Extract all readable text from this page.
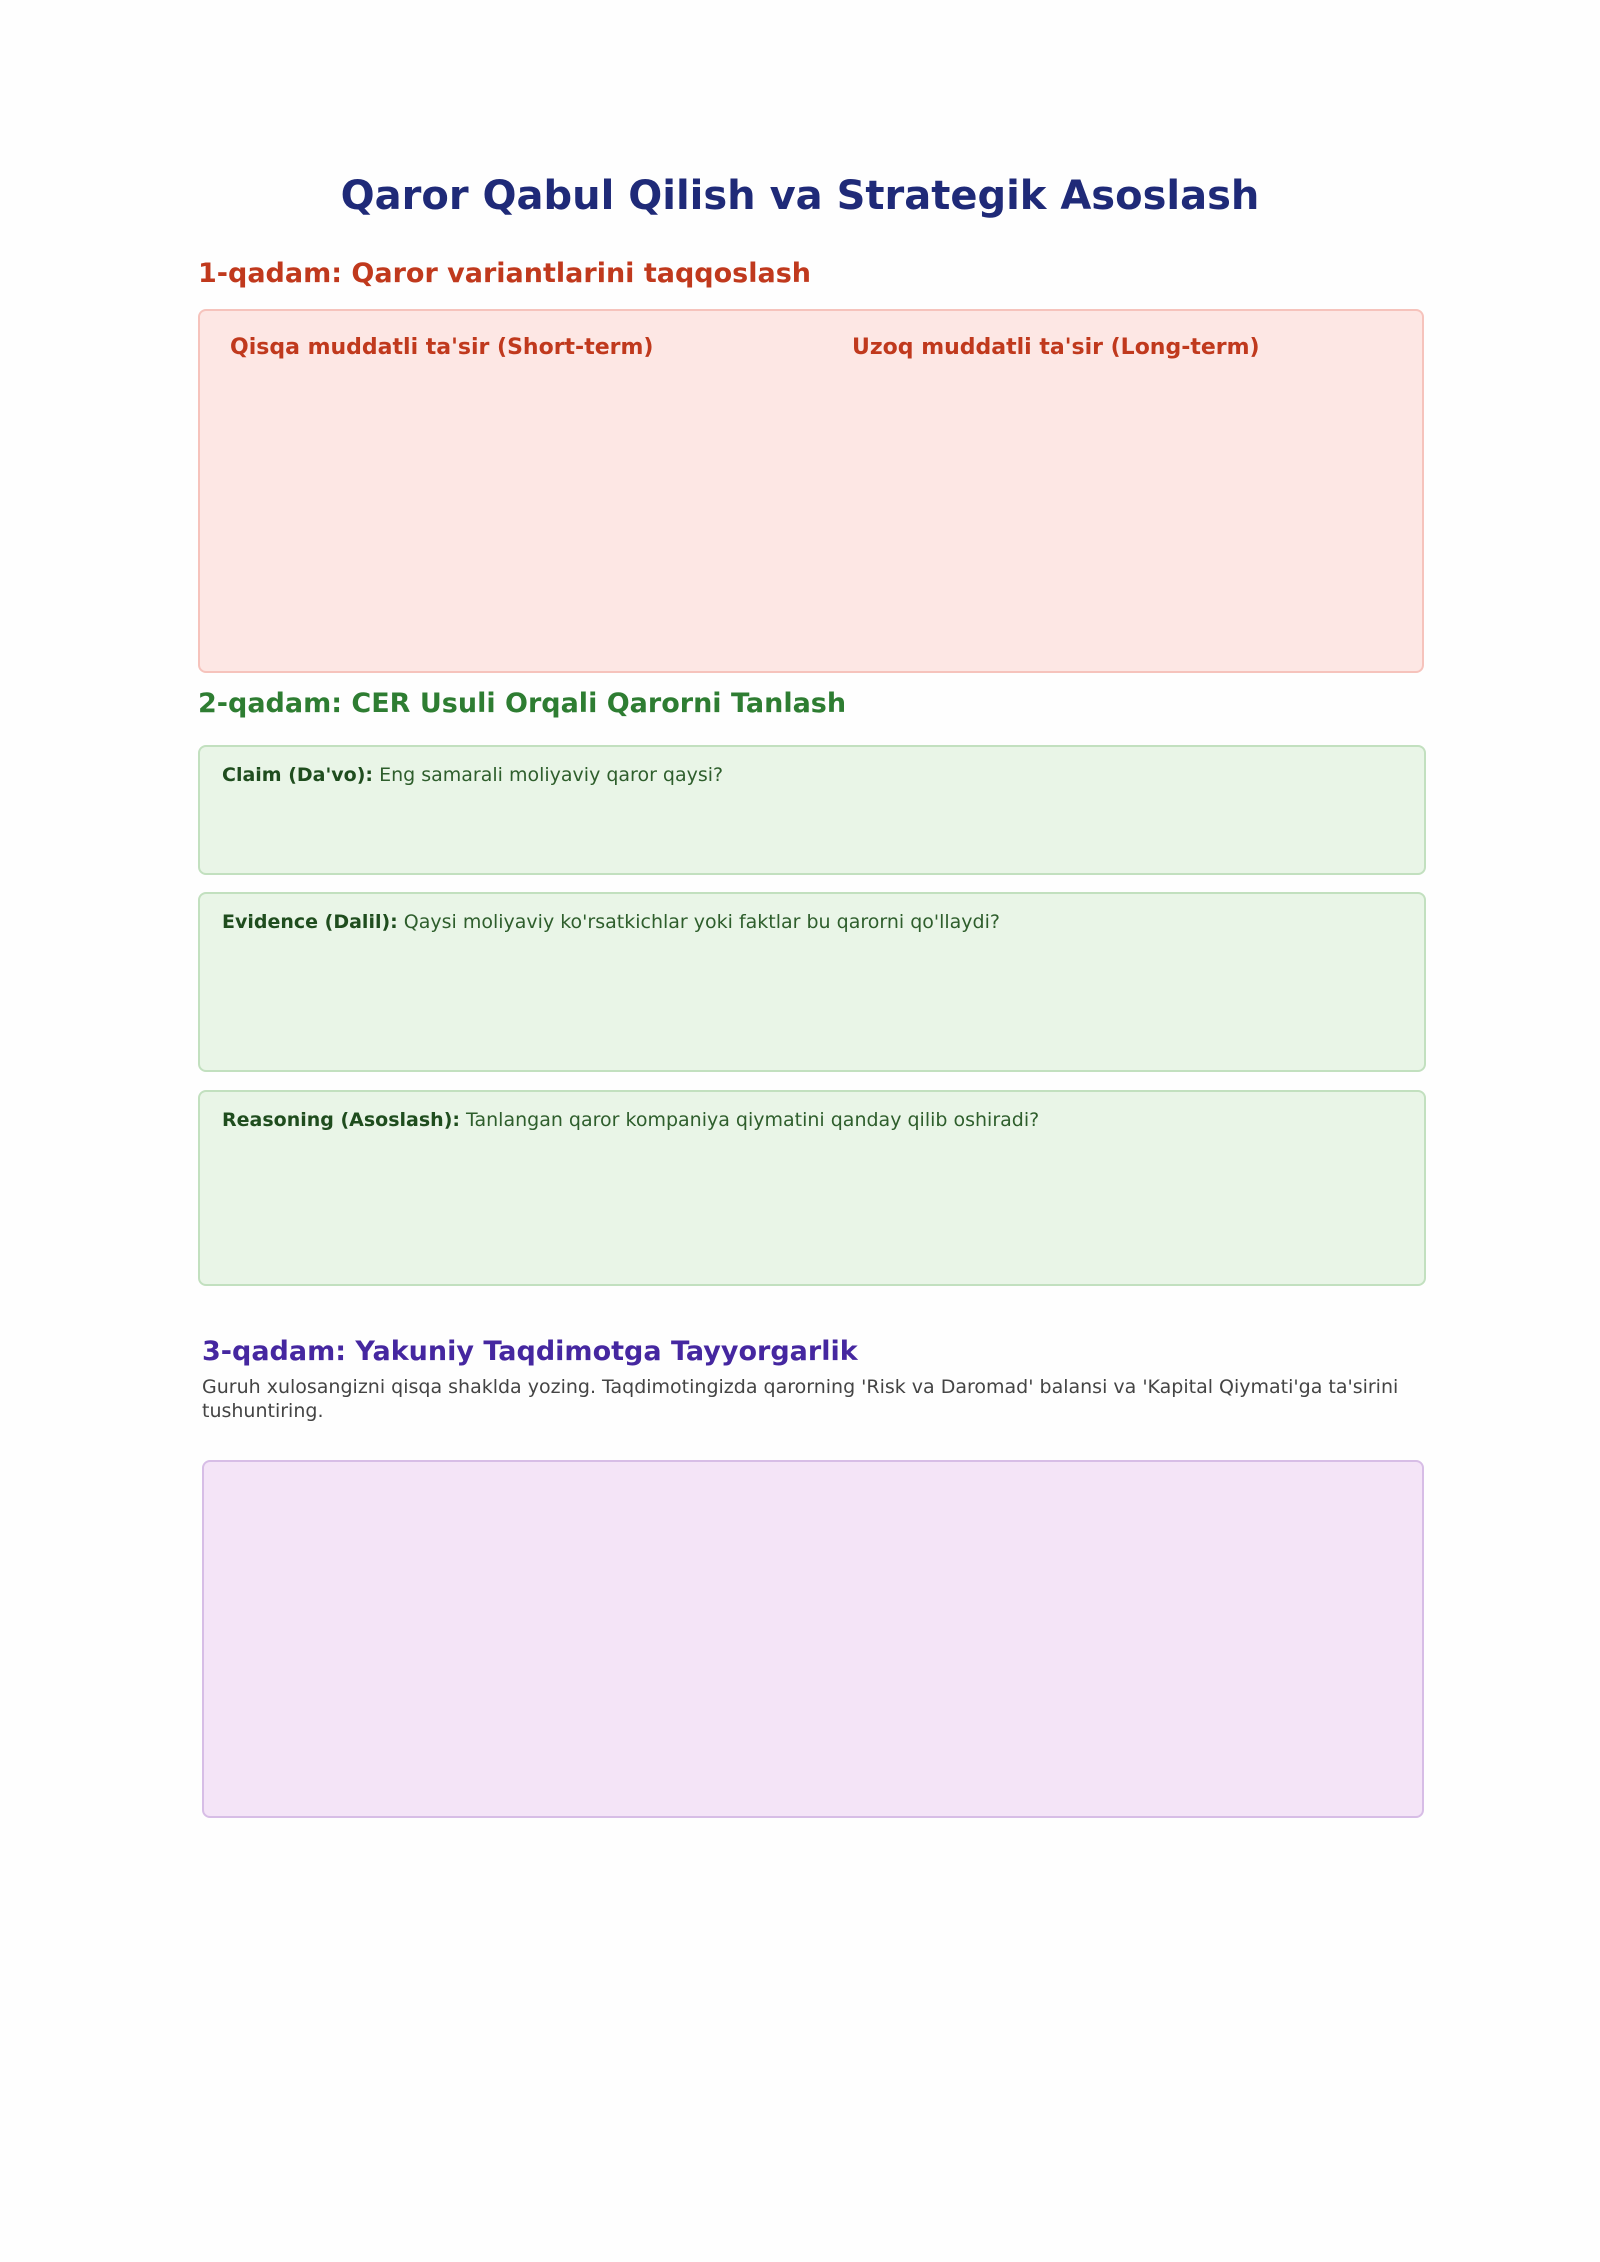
Qaror Qabul Qilish va Strategik Asoslash
1-qadam: Qaror variantlarini taqqoslash
Qisqa muddatli ta'sir (Short-term)	Uzoq muddatli ta'sir (Long-term)
2-qadam: CER Usuli Orqali Qarorni Tanlash
Claim (Da'vo): Eng samarali moliyaviy qaror qaysi?
Evidence (Dalil): Qaysi moliyaviy ko'rsatkichlar yoki faktlar bu qarorni qo'llaydi?
Reasoning (Asoslash): Tanlangan qaror kompaniya qiymatini qanday qilib oshiradi?
3-qadam: Yakuniy Taqdimotga Tayyorgarlik

Guruh xulosangizni qisqa shaklda yozing. Taqdimotingizda qarorning 'Risk va Daromad' balansi va 'Kapital Qiymati'ga ta'sirini tushuntiring.
